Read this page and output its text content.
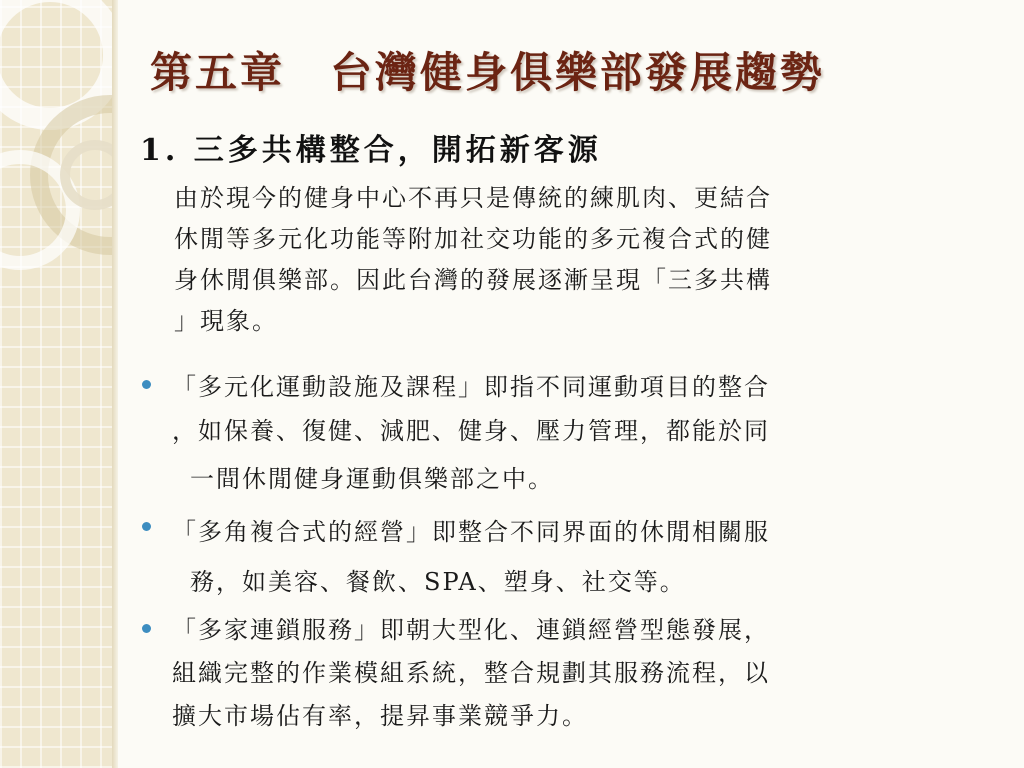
第五章　台灣健身俱樂部發展趨勢
1. 三多共構整合，開拓新客源

由於現今的健身中心不再只是傳統的練肌肉、更結合
休閒等多元化功能等附加社交功能的多元複合式的健
身休閒俱樂部。因此台灣的發展逐漸呈現「三多共構
」現象。

「多元化運動設施及課程」即指不同運動項目的整合
，如保養、復健、減肥、健身、壓力管理，都能於同
一間休閒健身運動俱樂部之中。
「多角複合式的經營」即整合不同界面的休閒相關服
務，如美容、餐飲、SPA、塑身、社交等。
「多家連鎖服務」即朝大型化、連鎖經營型態發展，
組織完整的作業模組系統，整合規劃其服務流程，以
擴大市場佔有率，提昇事業競爭力。
